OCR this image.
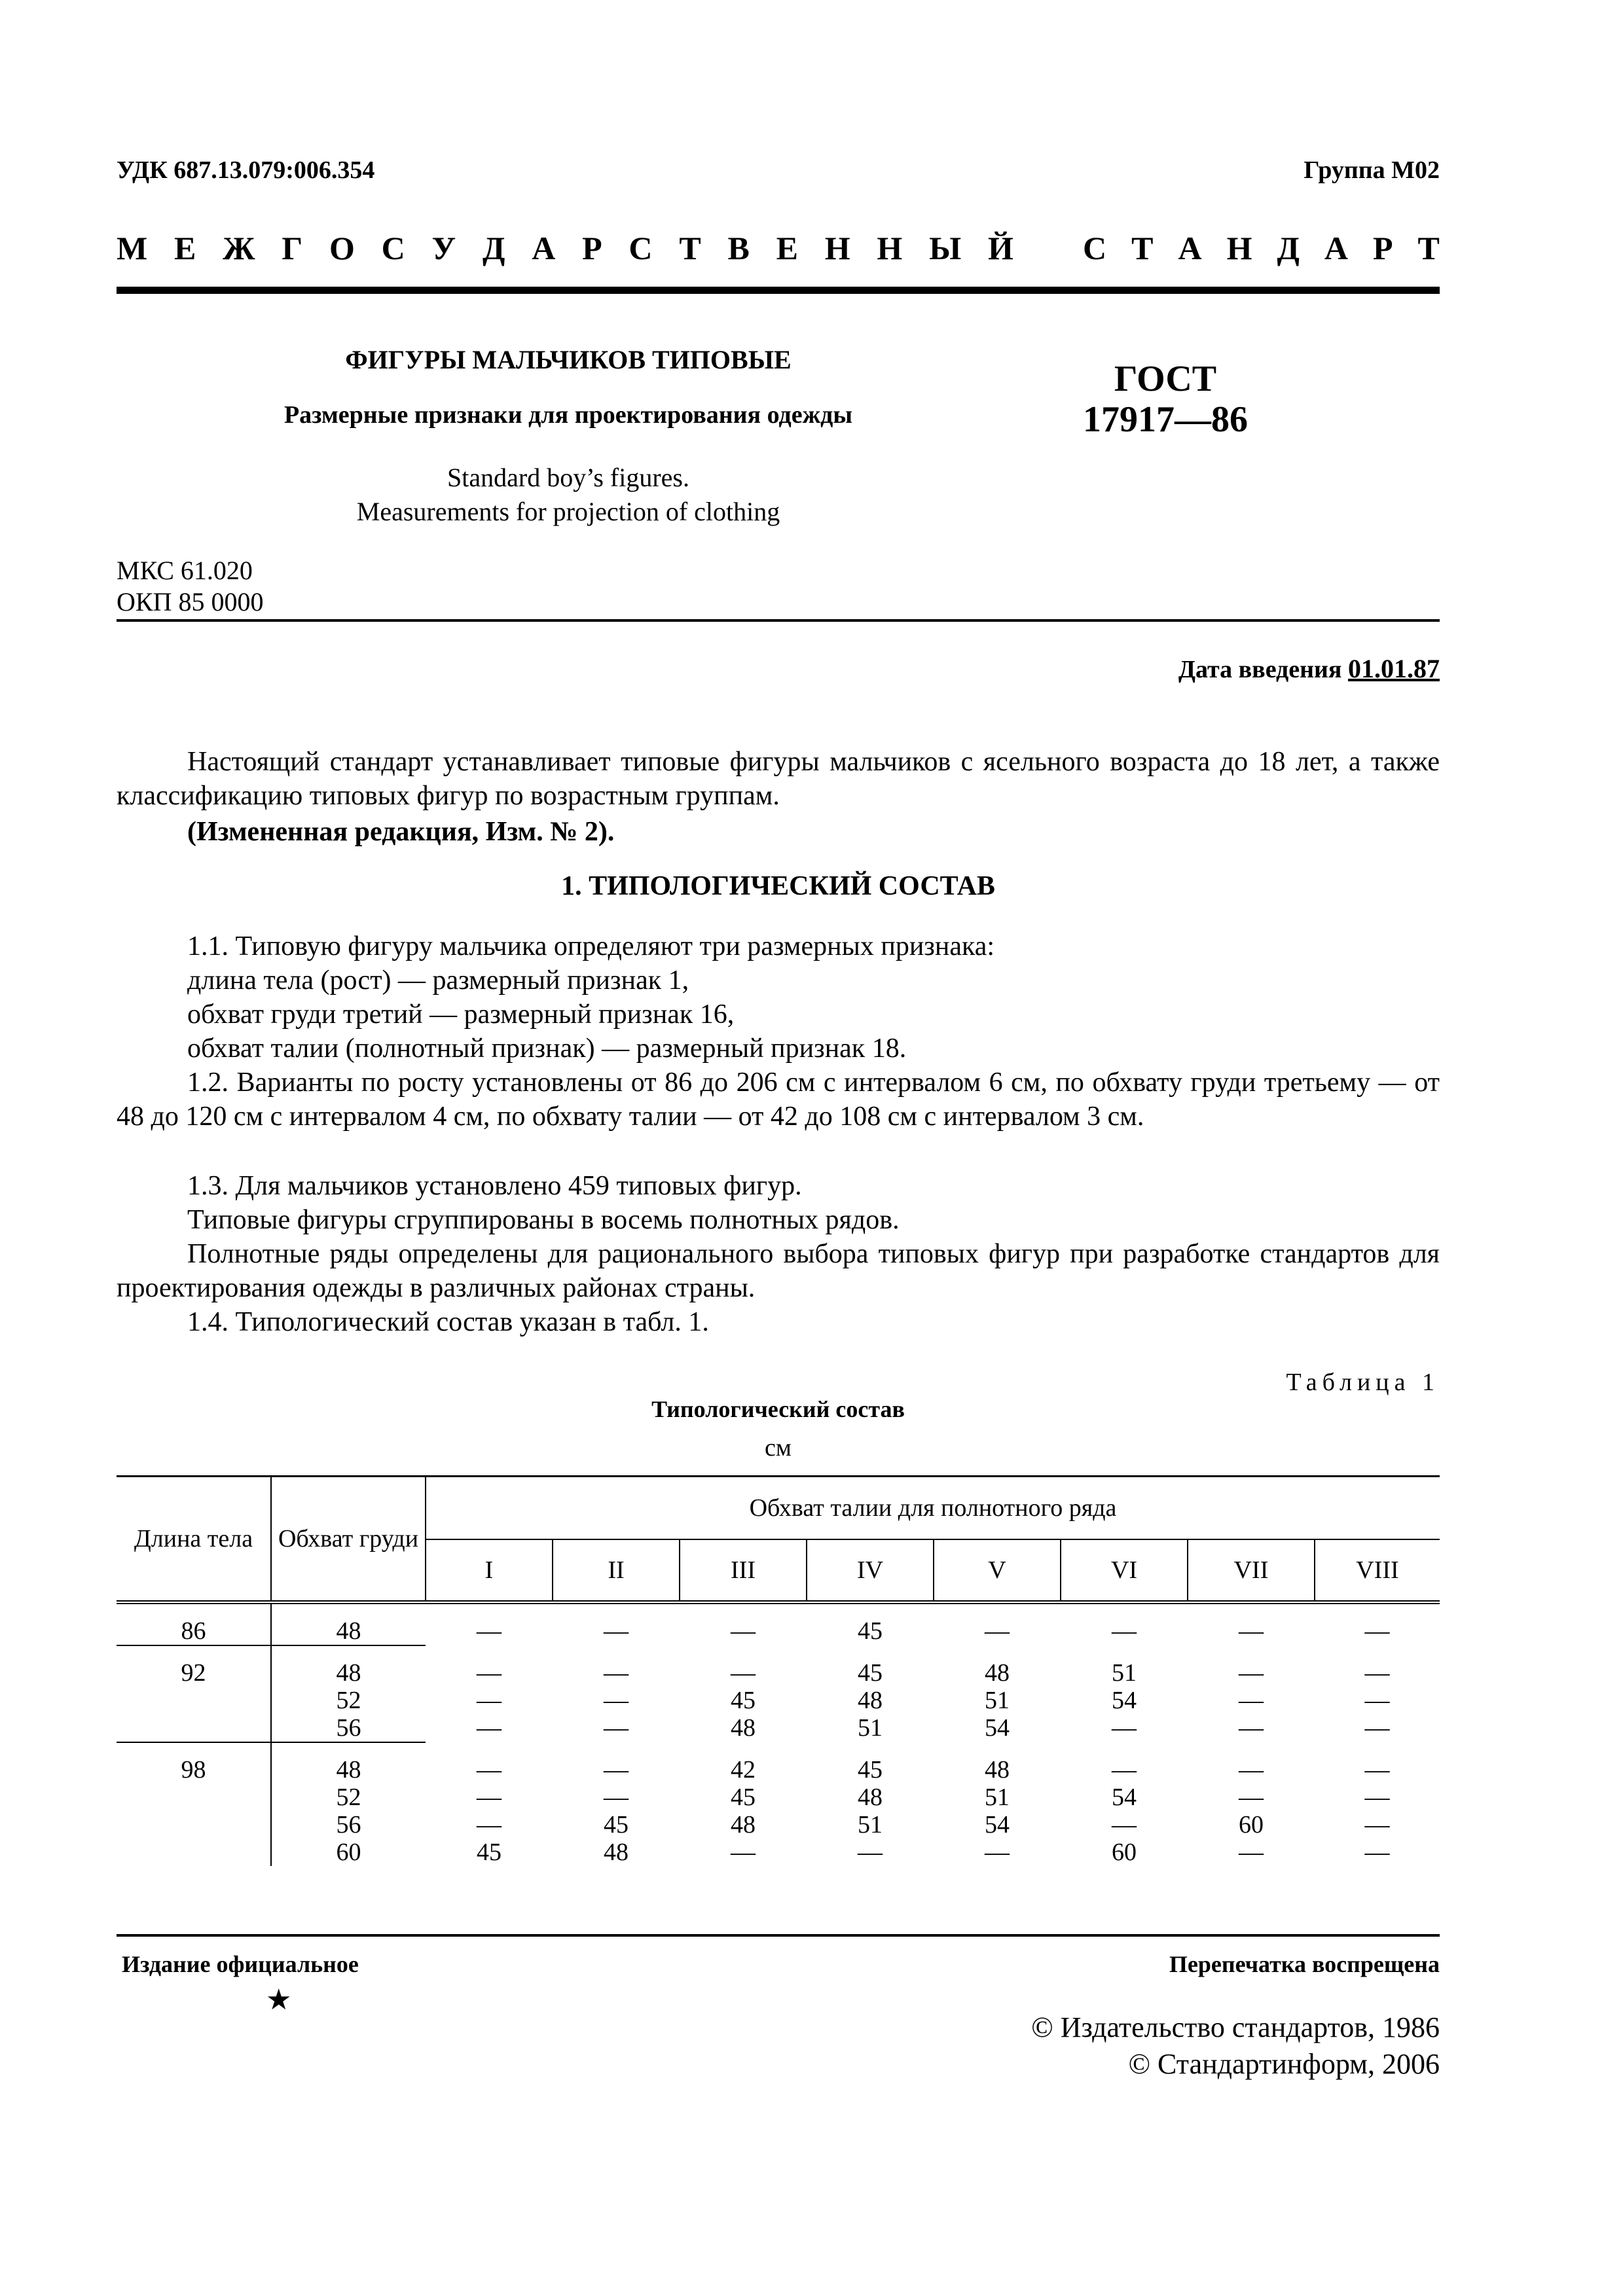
УДК 687.13.079:006.354	Группа М02
М Е Ж Г О С У Д А Р С Т В Е Н Н Ы Й С Т А Н Д А Р Т
ФИГУРЫ МАЛЬЧИКОВ ТИПОВЫЕ
Размерные признаки для проектирования одежды
Standard boy’s figures.
Measurements for projection of clothing
ГОСТ
17917—86
МКС 61.020
ОКП 85 0000
Дата введения 01.01.87
Настоящий стандарт устанавливает типовые фигуры мальчиков с ясельного возраста до 18 лет, а также классификацию типовых фигур по возрастным группам.
(Измененная редакция, Изм. № 2).
1. ТИПОЛОГИЧЕСКИЙ СОСТАВ
1.1. Типовую фигуру мальчика определяют три размерных признака:
длина тела (рост) — размерный признак 1,
обхват груди третий — размерный признак 16,
обхват талии (полнотный признак) — размерный признак 18.
1.2. Варианты по росту установлены от 86 до 206 см с интервалом 6 см, по обхвату груди третьему — от 48 до 120 см с интервалом 4 см, по обхвату талии — от 42 до 108 см с интервалом 3 см.
1.3. Для мальчиков установлено 459 типовых фигур.
Типовые фигуры сгруппированы в восемь полнотных рядов.
Полнотные ряды определены для рационального выбора типовых фигур при разработке стандартов для проектирования одежды в различных районах страны.
1.4. Типологический состав указан в табл. 1.
Таблица 1
Типологический состав
см
Длина тела	Обхват груди	Обхват талии для полнотного ряда							
		I	II	III	IV	V	VI	VII	VIII

86	48	—	—	—	45	—	—	—	—

92	48	—	—	—	45	48	51	—	—
	52	—	—	45	48	51	54	—	—
	56	—	—	48	51	54	—	—	—

98	48	—	—	42	45	48	—	—	—
	52	—	—	45	48	51	54	—	—
	56	—	45	48	51	54	—	60	—
	60	45	48	—	—	—	60	—	—
Издание официальное	Перепечатка воспрещена
★
© Издательство стандартов, 1986
© Стандартинформ, 2006
